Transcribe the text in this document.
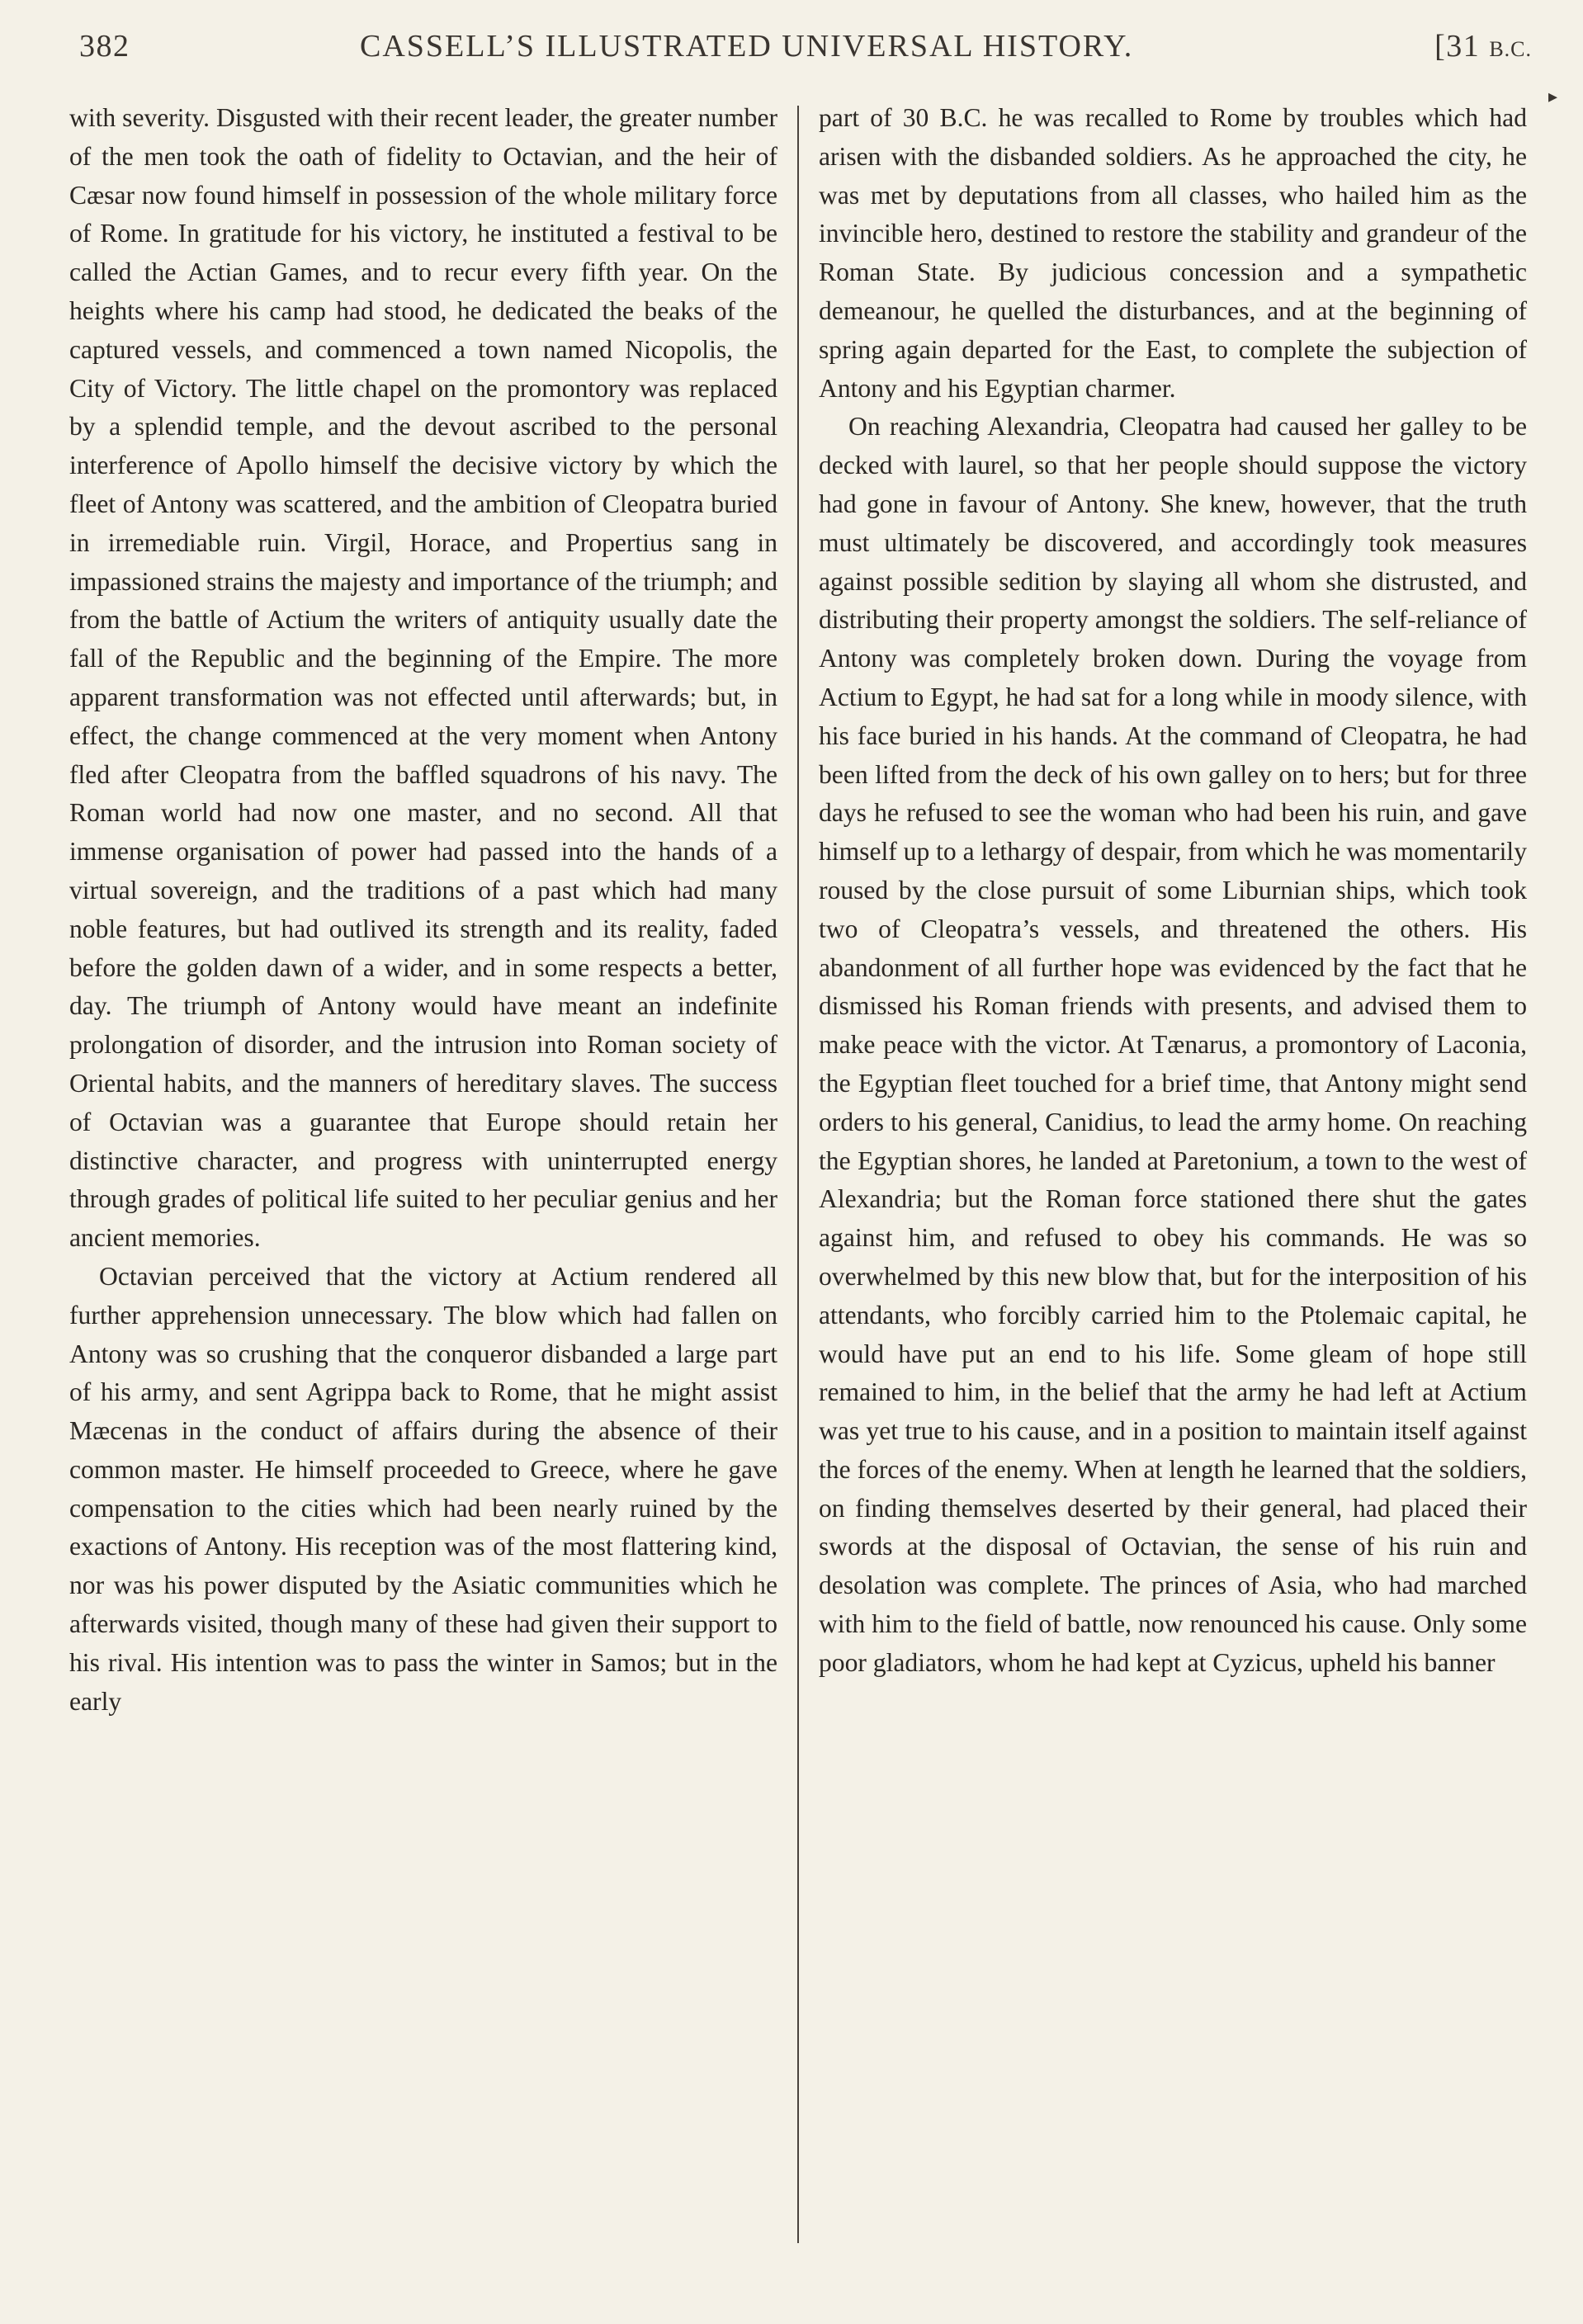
382	CASSELL’S ILLUSTRATED UNIVERSAL HISTORY.	[31 B.C.
▸

with severity. Disgusted with their recent leader, the greater number of the men took the oath of fidelity to Octavian, and the heir of Cæsar now found himself in possession of the whole military force of Rome. In gratitude for his victory, he instituted a festival to be called the Actian Games, and to recur every fifth year. On the heights where his camp had stood, he dedicated the beaks of the captured vessels, and commenced a town named Nicopolis, the City of Victory. The little chapel on the promontory was replaced by a splendid temple, and the devout ascribed to the personal interference of Apollo himself the decisive victory by which the fleet of Antony was scattered, and the ambition of Cleopatra buried in irremediable ruin. Virgil, Horace, and Propertius sang in impassioned strains the majesty and importance of the triumph; and from the battle of Actium the writers of antiquity usually date the fall of the Republic and the beginning of the Empire. The more apparent transformation was not effected until afterwards; but, in effect, the change commenced at the very moment when Antony fled after Cleopatra from the baffled squadrons of his navy. The Roman world had now one master, and no second. All that immense organisation of power had passed into the hands of a virtual sovereign, and the traditions of a past which had many noble features, but had outlived its strength and its reality, faded before the golden dawn of a wider, and in some respects a better, day. The triumph of Antony would have meant an indefinite prolongation of disorder, and the intrusion into Roman society of Oriental habits, and the manners of hereditary slaves. The success of Octavian was a guarantee that Europe should retain her distinctive character, and progress with uninterrupted energy through grades of political life suited to her peculiar genius and her ancient memories.

Octavian perceived that the victory at Actium rendered all further apprehension unnecessary. The blow which had fallen on Antony was so crushing that the conqueror disbanded a large part of his army, and sent Agrippa back to Rome, that he might assist Mæcenas in the conduct of affairs during the absence of their common master. He himself proceeded to Greece, where he gave compensation to the cities which had been nearly ruined by the exactions of Antony. His reception was of the most flattering kind, nor was his power disputed by the Asiatic communities which he afterwards visited, though many of these had given their support to his rival. His intention was to pass the winter in Samos; but in the early

part of 30 B.C. he was recalled to Rome by troubles which had arisen with the disbanded soldiers. As he approached the city, he was met by deputations from all classes, who hailed him as the invincible hero, destined to restore the stability and grandeur of the Roman State. By judicious concession and a sympathetic demeanour, he quelled the disturbances, and at the beginning of spring again departed for the East, to complete the subjection of Antony and his Egyptian charmer.

On reaching Alexandria, Cleopatra had caused her galley to be decked with laurel, so that her people should suppose the victory had gone in favour of Antony. She knew, however, that the truth must ultimately be discovered, and accordingly took measures against possible sedition by slaying all whom she distrusted, and distributing their property amongst the soldiers. The self-reliance of Antony was completely broken down. During the voyage from Actium to Egypt, he had sat for a long while in moody silence, with his face buried in his hands. At the command of Cleopatra, he had been lifted from the deck of his own galley on to hers; but for three days he refused to see the woman who had been his ruin, and gave himself up to a lethargy of despair, from which he was momentarily roused by the close pursuit of some Liburnian ships, which took two of Cleopatra’s vessels, and threatened the others. His abandonment of all further hope was evidenced by the fact that he dismissed his Roman friends with presents, and advised them to make peace with the victor. At Tænarus, a promontory of Laconia, the Egyptian fleet touched for a brief time, that Antony might send orders to his general, Canidius, to lead the army home. On reaching the Egyptian shores, he landed at Paretonium, a town to the west of Alexandria; but the Roman force stationed there shut the gates against him, and refused to obey his commands. He was so overwhelmed by this new blow that, but for the interposition of his attendants, who forcibly carried him to the Ptolemaic capital, he would have put an end to his life. Some gleam of hope still remained to him, in the belief that the army he had left at Actium was yet true to his cause, and in a position to maintain itself against the forces of the enemy. When at length he learned that the soldiers, on finding themselves deserted by their general, had placed their swords at the disposal of Octavian, the sense of his ruin and desolation was complete. The princes of Asia, who had marched with him to the field of battle, now renounced his cause. Only some poor gladiators, whom he had kept at Cyzicus, upheld his banner
